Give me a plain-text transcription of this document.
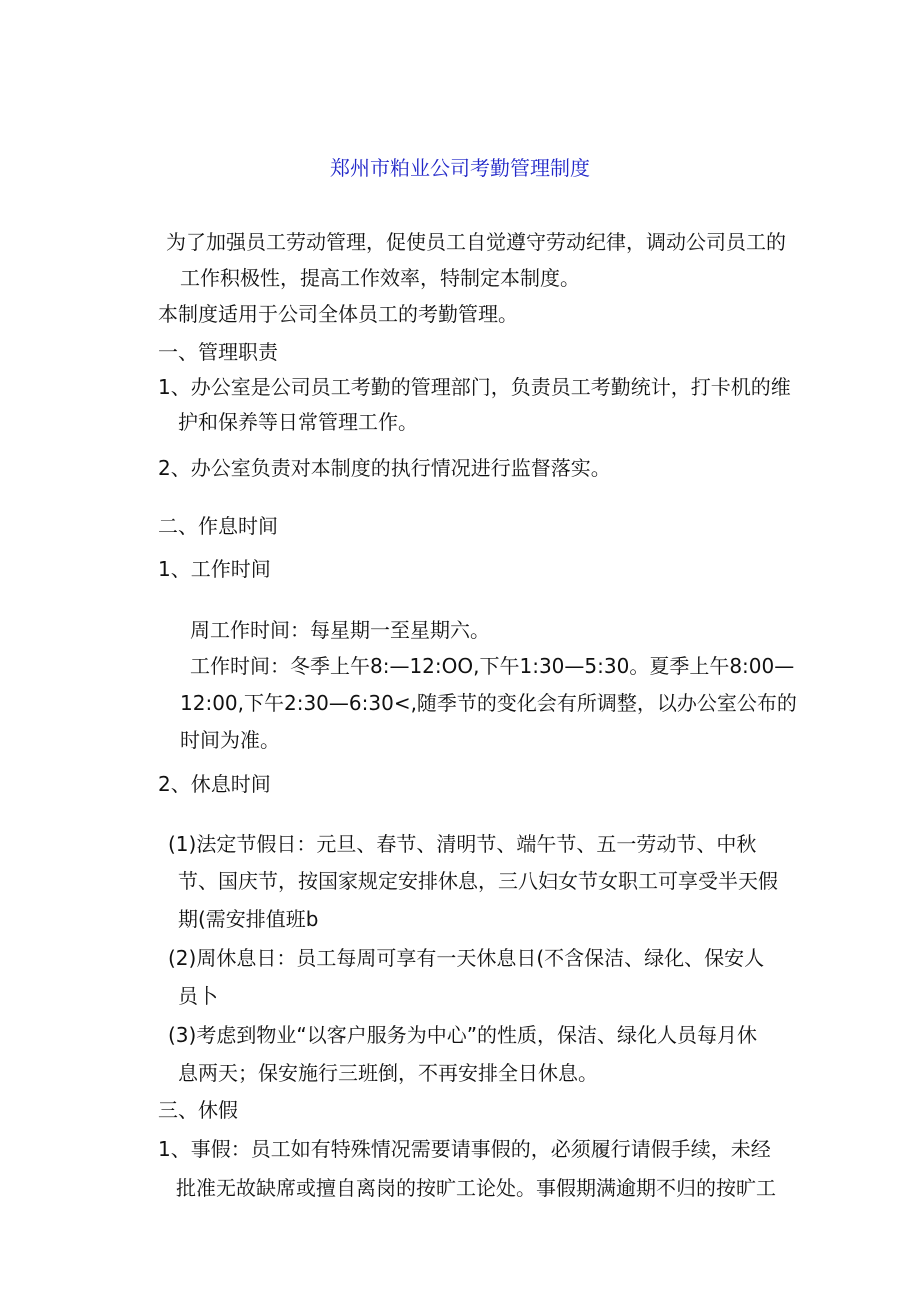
郑州市粕业公司考勤管理制度
为了加强员工劳动管理，促使员工自觉遵守劳动纪律，调动公司员工的
工作积极性，提高工作效率，特制定本制度。
本制度适用于公司全体员工的考勤管理。
一、管理职责
1、办公室是公司员工考勤的管理部门，负责员工考勤统计，打卡机的维
护和保养等日常管理工作。
2、办公室负责对本制度的执行情况进行监督落实。
二、作息时间
1、工作时间
周工作时间：每星期一至星期六。
工作时间：冬季上午8:—12:OO,下午1:30—5:30。夏季上午8:00—
12:00,下午2:30—6:30<,随季节的变化会有所调整，以办公室公布的
时间为准。
2、休息时间
(1)法定节假日：元旦、春节、清明节、端午节、五一劳动节、中秋
节、国庆节，按国家规定安排休息，三八妇女节女职工可享受半天假
期(需安排值班b
(2)周休息日：员工每周可享有一天休息日(不含保洁、绿化、保安人
员卜
(3)考虑到物业“以客户服务为中心”的性质，保洁、绿化人员每月休
息两天；保安施行三班倒，不再安排全日休息。
三、休假
1、事假：员工如有特殊情况需要请事假的，必须履行请假手续，未经
批准无故缺席或擅自离岗的按旷工论处。事假期满逾期不归的按旷工
